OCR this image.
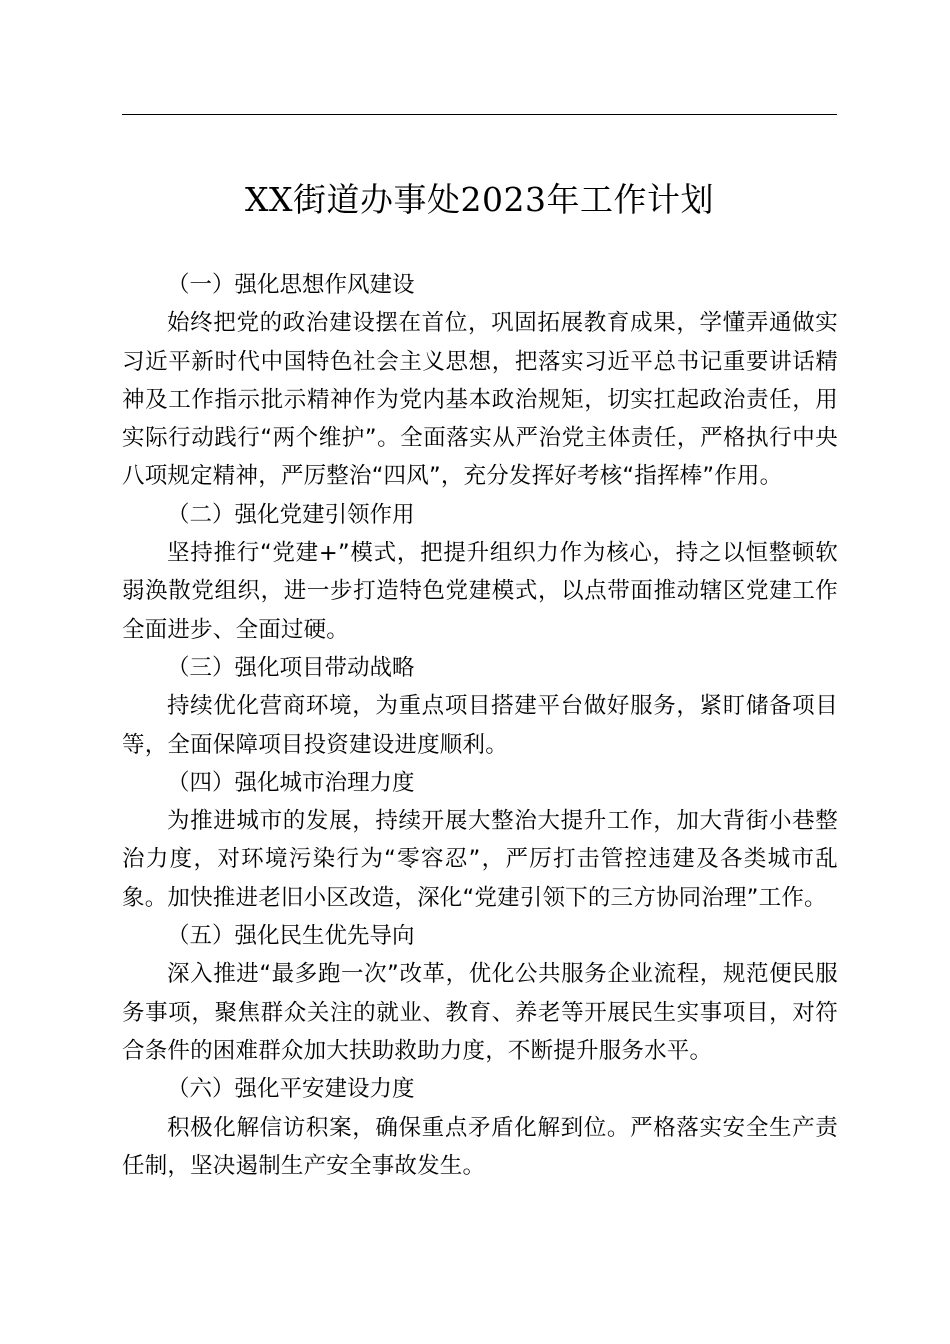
XX街道办事处2023年工作计划

（一）强化思想作风建设

始终把党的政治建设摆在首位，巩固拓展教育成果，学懂弄通做实习近平新时代中国特色社会主义思想，把落实习近平总书记重要讲话精神及工作指示批示精神作为党内基本政治规矩，切实扛起政治责任，用实际行动践行“两个维护”。全面落实从严治党主体责任，严格执行中央八项规定精神，严厉整治“四风”，充分发挥好考核“指挥棒”作用。

（二）强化党建引领作用

坚持推行“党建+”模式，把提升组织力作为核心，持之以恒整顿软弱涣散党组织，进一步打造特色党建模式，以点带面推动辖区党建工作全面进步、全面过硬。

（三）强化项目带动战略

持续优化营商环境，为重点项目搭建平台做好服务，紧盯储备项目等，全面保障项目投资建设进度顺利。

（四）强化城市治理力度

为推进城市的发展，持续开展大整治大提升工作，加大背街小巷整治力度，对环境污染行为“零容忍”，严厉打击管控违建及各类城市乱象。加快推进老旧小区改造，深化“党建引领下的三方协同治理”工作。

（五）强化民生优先导向

深入推进“最多跑一次”改革，优化公共服务企业流程，规范便民服务事项，聚焦群众关注的就业、教育、养老等开展民生实事项目，对符合条件的困难群众加大扶助救助力度，不断提升服务水平。

（六）强化平安建设力度

积极化解信访积案，确保重点矛盾化解到位。严格落实安全生产责任制，坚决遏制生产安全事故发生。
